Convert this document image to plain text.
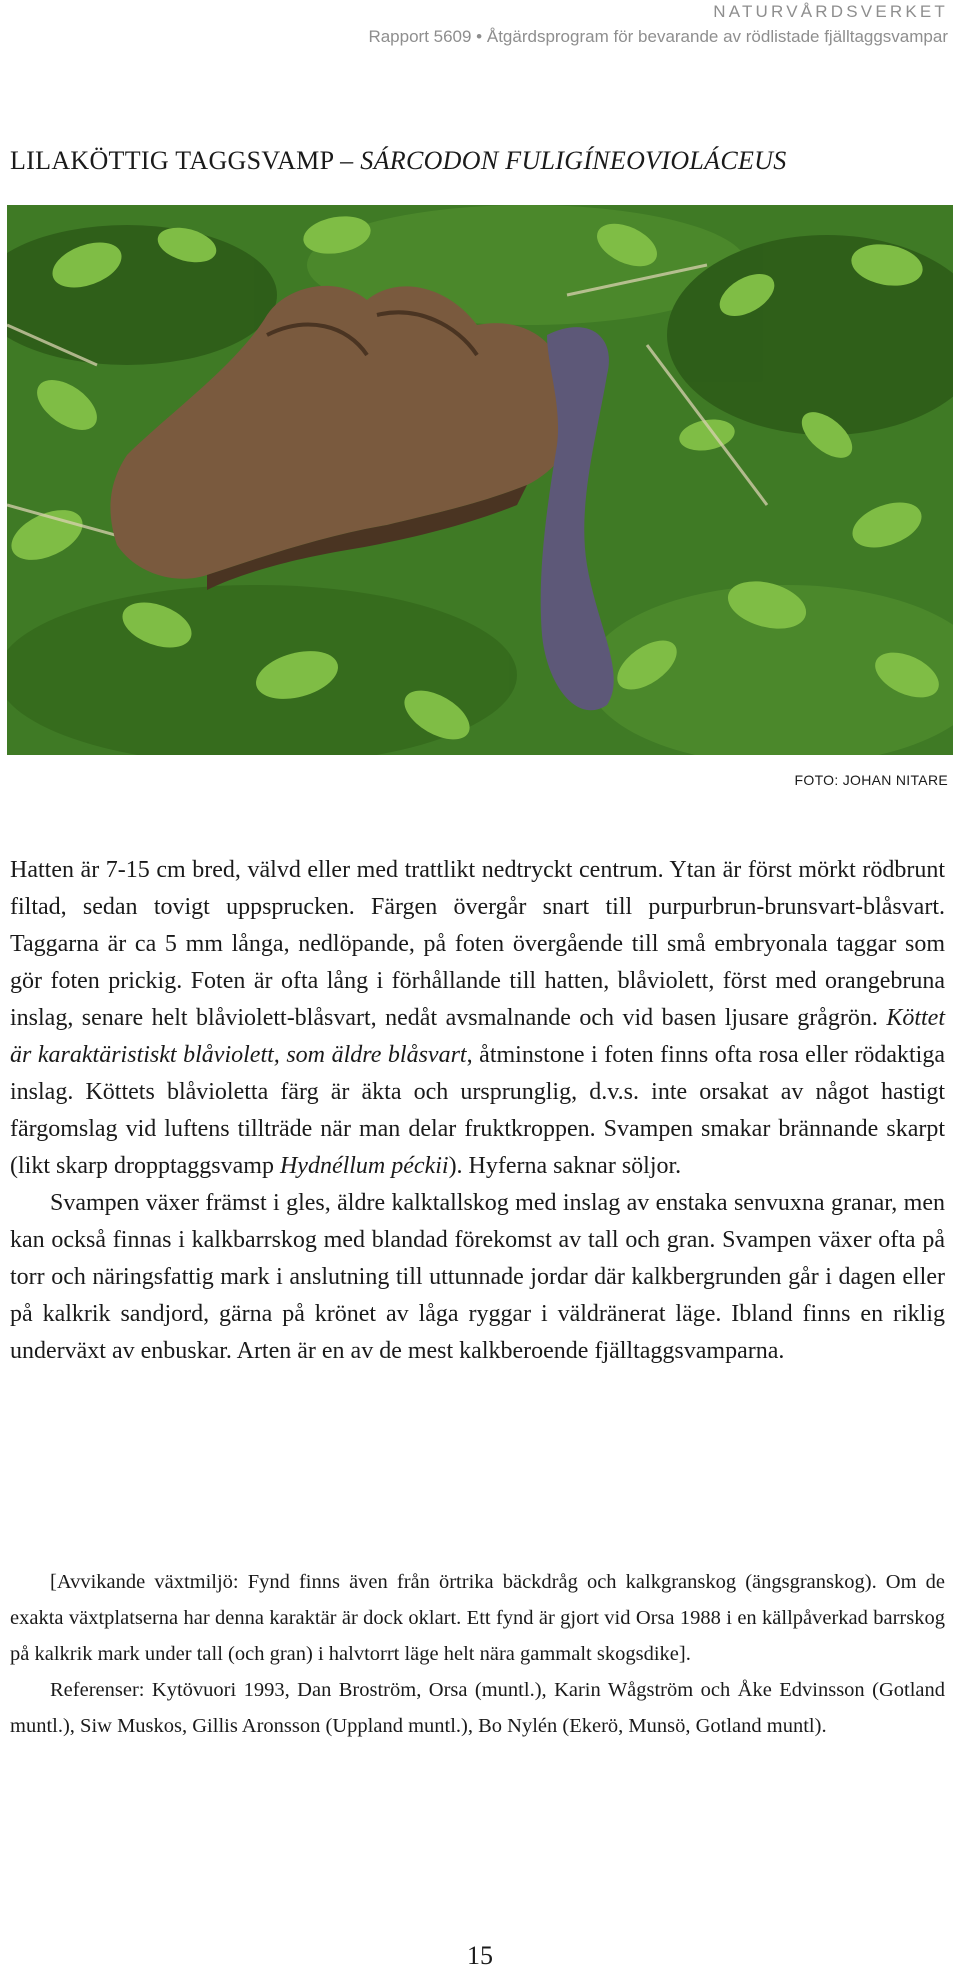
NATURVÅRDSVERKET
Rapport 5609 • Åtgärdsprogram för bevarande av rödlistade fjälltaggsvampar
LILAKÖTTIG TAGGSVAMP – SÁRCODON FULIGÍNEOVIOLÁCEUS
FOTO: JOHAN NITARE

Hatten är 7-15 cm bred, välvd eller med trattlikt nedtryckt centrum. Ytan är först mörkt rödbrunt filtad, sedan tovigt uppsprucken. Färgen övergår snart till purpurbrun-brunsvart-blåsvart. Taggarna är ca 5 mm långa, nedlöpande, på foten övergående till små embryonala taggar som gör foten prickig. Foten är ofta lång i förhållande till hatten, blåviolett, först med orangebruna inslag, senare helt blåviolett-blåsvart, nedåt avsmalnande och vid basen ljusare grågrön. Köttet är karaktäristiskt blåviolett, som äldre blåsvart, åtminstone i foten finns ofta rosa eller rödaktiga inslag. Köttets blåvioletta färg är äkta och ursprunglig, d.v.s. inte orsakat av något hastigt färgomslag vid luftens tillträde när man delar fruktkroppen. Svampen smakar brännande skarpt (likt skarp dropptaggsvamp Hydnéllum péckii). Hyferna saknar söljor.

Svampen växer främst i gles, äldre kalktallskog med inslag av enstaka senvuxna granar, men kan också finnas i kalkbarrskog med blandad förekomst av tall och gran. Svampen växer ofta på torr och näringsfattig mark i anslutning till uttunnade jordar där kalkbergrunden går i dagen eller på kalkrik sandjord, gärna på krönet av låga ryggar i väldränerat läge. Ibland finns en riklig underväxt av enbuskar. Arten är en av de mest kalkberoende fjälltaggsvamparna.

[Avvikande växtmiljö: Fynd finns även från örtrika bäckdråg och kalkgranskog (ängsgranskog). Om de exakta växtplatserna har denna karaktär är dock oklart. Ett fynd är gjort vid Orsa 1988 i en källpåverkad barrskog på kalkrik mark under tall (och gran) i halvtorrt läge helt nära gammalt skogsdike].

Referenser: Kytövuori 1993, Dan Broström, Orsa (muntl.), Karin Wågström och Åke Edvinsson (Gotland muntl.), Siw Muskos, Gillis Aronsson (Uppland muntl.), Bo Nylén (Ekerö, Munsö, Gotland muntl).

15
